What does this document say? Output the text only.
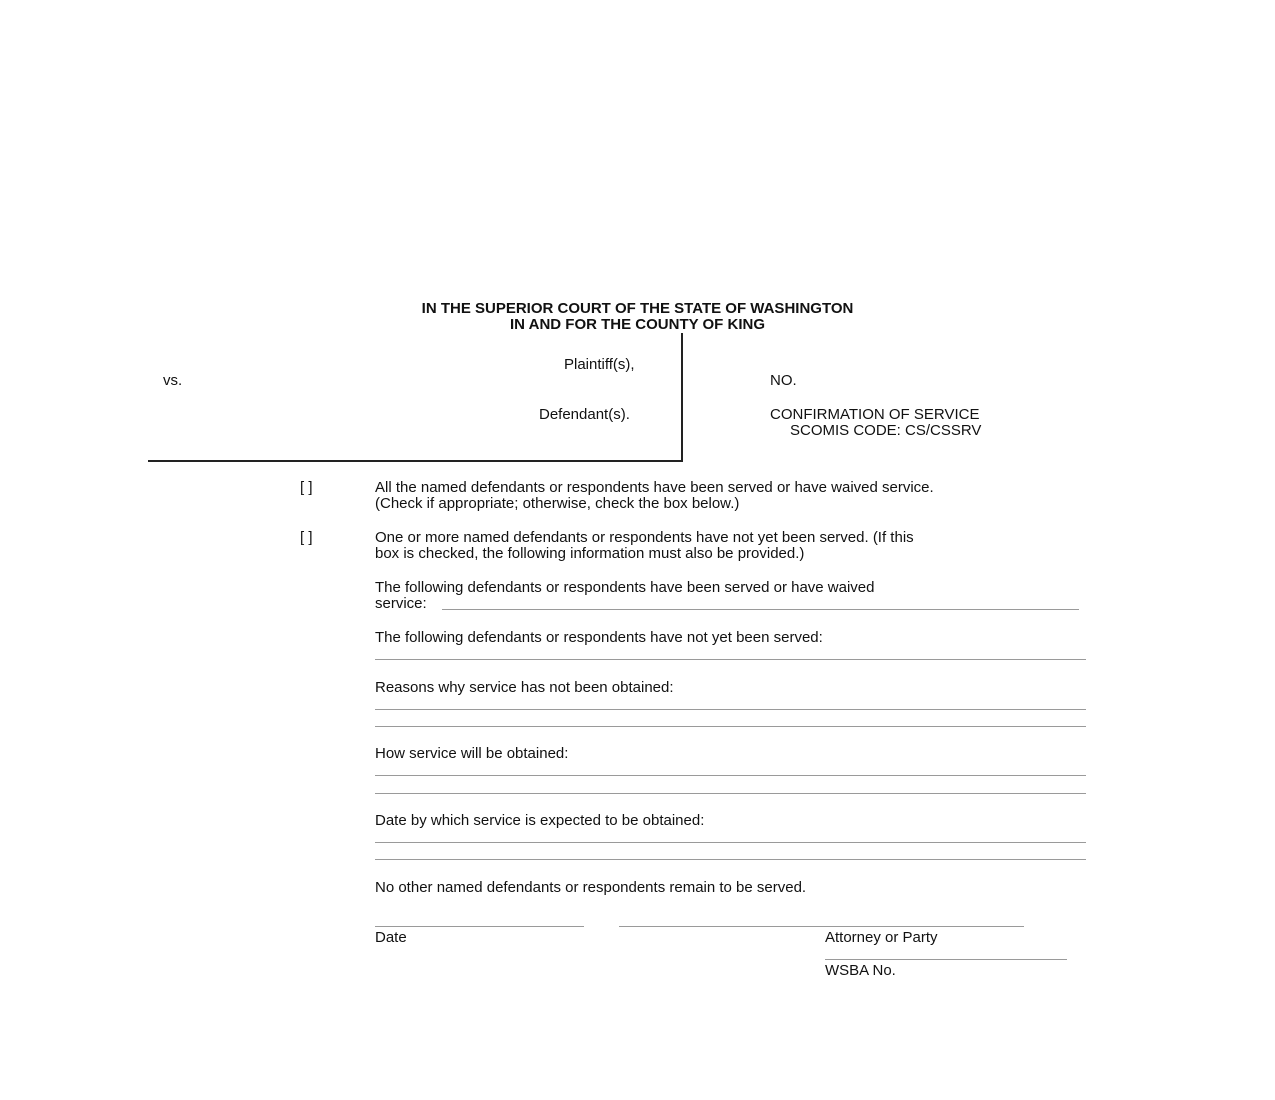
IN THE SUPERIOR COURT OF THE STATE OF WASHINGTON
IN AND FOR THE COUNTY OF KING
Plaintiff(s),
vs.
Defendant(s).
NO.
CONFIRMATION OF SERVICE
SCOMIS CODE: CS/CSSRV
[ ]	All the named defendants or respondents have been served or have waived service.
(Check if appropriate; otherwise, check the box below.)
[ ]	One or more named defendants or respondents have not yet been served. (If this
box is checked, the following information must also be provided.)
The following defendants or respondents have been served or have waived
service:
The following defendants or respondents have not yet been served:
Reasons why service has not been obtained:
How service will be obtained:
Date by which service is expected to be obtained:
No other named defendants or respondents remain to be served.
Date	Attorney or Party
WSBA No.
